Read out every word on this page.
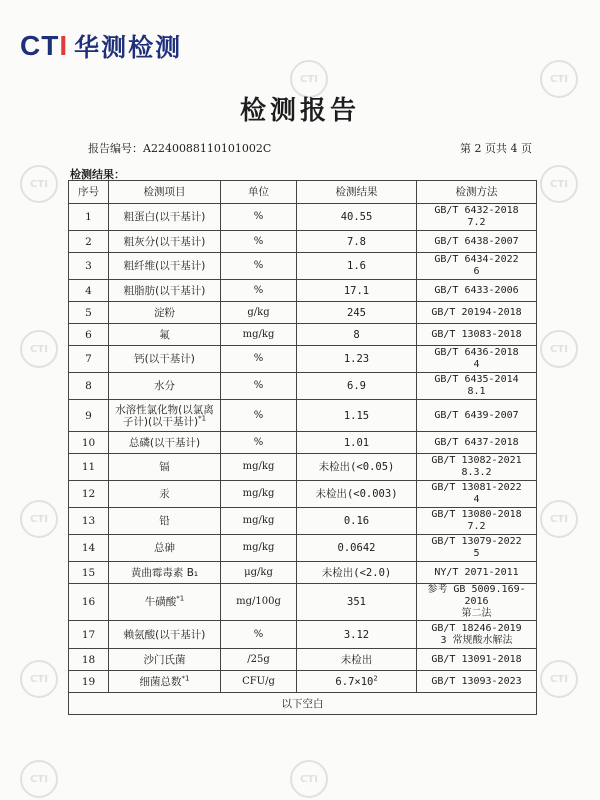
CTI	CTI
CTI	CTI
CTI	CTI
CTI	CTI
CTI	CTI
CTI	CTI
CTI 华测检测
检测报告
报告编号：A2240088110101002C	第 2 页共 4 页
检测结果：
序号	检测项目	单位	检测结果	检测方法
1	粗蛋白(以干基计)	%	40.55	GB/T 6432-2018
7.2

2	粗灰分(以干基计)	%	7.8	GB/T 6438-2007

3	粗纤维(以干基计)	%	1.6	GB/T 6434-2022
6

4	粗脂肪(以干基计)	%	17.1	GB/T 6433-2006

5	淀粉	g/kg	245	GB/T 20194-2018

6	氟	mg/kg	8	GB/T 13083-2018

7	钙(以干基计)	%	1.23	GB/T 6436-2018
4

8	水分	%	6.9	GB/T 6435-2014
8.1

9	水溶性氯化物(以氯离子计)(以干基计)$^{*1}$	%	1.15	GB/T 6439-2007

10	总磷(以干基计)	%	1.01	GB/T 6437-2018

11	镉	mg/kg	未检出(<0.05)	GB/T 13082-2021
8.3.2

12	汞	mg/kg	未检出(<0.003)	GB/T 13081-2022
4

13	铅	mg/kg	0.16	GB/T 13080-2018
7.2

14	总砷	mg/kg	0.0642	GB/T 13079-2022
5

15	黄曲霉毒素 B₁	μg/kg	未检出(<2.0)	NY/T 2071-2011

16	牛磺酸$^{*1}$	mg/100g	351	参考 GB 5009.169-
2016
第二法

17	赖氨酸(以干基计)	%	3.12	GB/T 18246-2019
3 常规酸水解法

18	沙门氏菌	/25g	未检出	GB/T 13091-2018

19	细菌总数$^{*1}$	CFU/g	$6.7\times 10^2$	GB/T 13093-2023

以下空白				
